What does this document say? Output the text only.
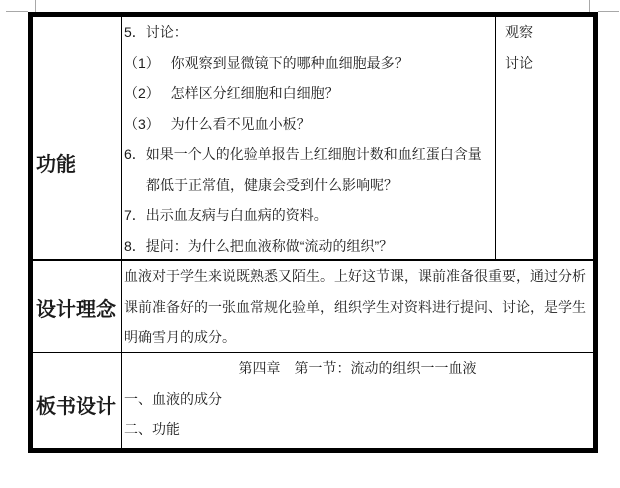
功能
5．讨论：
（1）　 你观察到显微镜下的哪种血细胞最多？
（2）　 怎样区分红细胞和白细胞？
（3）　 为什么看不见血小板？
6．如果一个人的化验单报告上红细胞计数和血红蛋白含量
都低于正常值，健康会受到什么影响呢？
7．出示血友病与白血病的资料。
8．提问：为什么把血液称做“流动的组织”？
观察
讨论
设计理念
血液对于学生来说既熟悉又陌生。上好这节课，课前准备很重要，通过分析
课前准备好的一张血常规化验单，组织学生对资料进行提问、讨论，是学生
明确雪月的成分。
板书设计
第四章　第一节：流动的组织一一血液
一、血液的成分
二、功能
